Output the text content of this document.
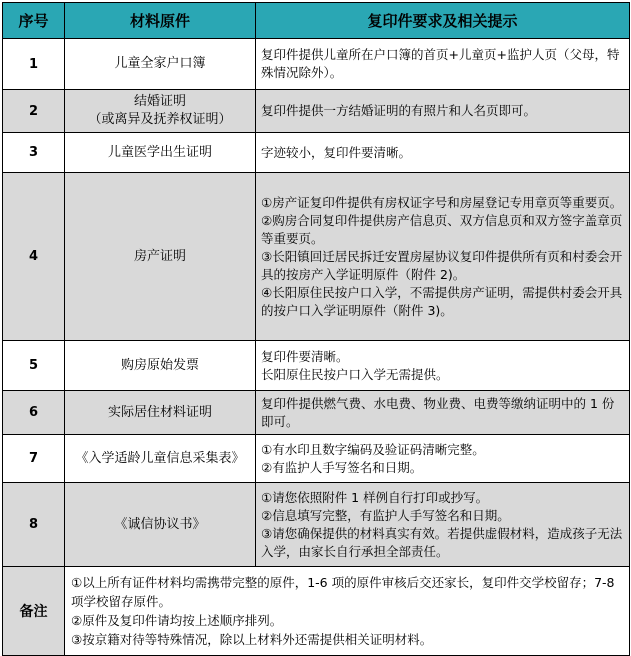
序号	材料原件	复印件要求及相关提示
1	儿童全家户口簿	复印件提供儿童所在户口簿的首页+儿童页+监护人页（父母，特殊情况除外）。

2	结婚证明
（或离异及抚养权证明）	复印件提供一方结婚证明的有照片和人名页即可。

3	儿童医学出生证明	字迹较小，复印件要清晰。

4	房产证明	①房产证复印件提供有房权证字号和房屋登记专用章页等重要页。
②购房合同复印件提供房产信息页、双方信息页和双方签字盖章页等重要页。
③长阳镇回迁居民拆迁安置房屋协议复印件提供所有页和村委会开具的按房产入学证明原件（附件 2)。
④长阳原住民按户口入学，不需提供房产证明，需提供村委会开具的按户口入学证明原件（附件 3)。

5	购房原始发票	复印件要清晰。
长阳原住民按户口入学无需提供。

6	实际居住材料证明	复印件提供燃气费、水电费、物业费、电费等缴纳证明中的 1 份即可。

7	《入学适龄儿童信息采集表》	①有水印且数字编码及验证码清晰完整。
②有监护人手写签名和日期。

8	《诚信协议书》	①请您依照附件 1 样例自行打印或抄写。
②信息填写完整，有监护人手写签名和日期。
③请您确保提供的材料真实有效。若提供虚假材料，造成孩子无法入学，由家长自行承担全部责任。

备注	①以上所有证件材料均需携带完整的原件，1-6 项的原件审核后交还家长，复印件交学校留存；7-8 项学校留存原件。
②原件及复印件请均按上述顺序排列。
③按京籍对待等特殊情况，除以上材料外还需提供相关证明材料。	
